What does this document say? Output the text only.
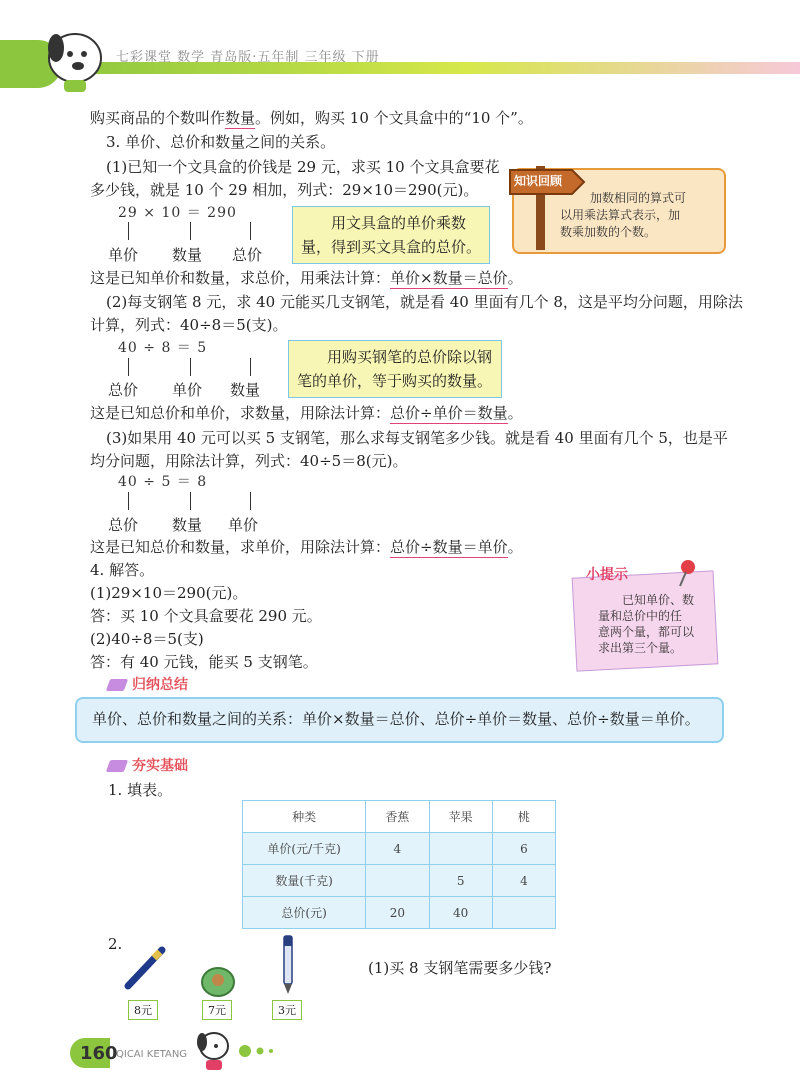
七彩课堂 数学 青岛版·五年制 三年级 下册
购买商品的个数叫作数量。例如，购买 10 个文具盒中的“10 个”。
3. 单价、总价和数量之间的关系。
(1)已知一个文具盒的价钱是 29 元，求买 10 个文具盒要花
多少钱，就是 10 个 29 相加，列式：29×10＝290(元)。
29 × 10 ＝ 290
单价 数量 总价
用文具盒的单价乘数
量，得到买文具盒的总价。
这是已知单价和数量，求总价，用乘法计算：单价×数量＝总价。
知识回顾
加数相同的算式可
以用乘法算式表示，加
数乘加数的个数。
(2)每支钢笔 8 元，求 40 元能买几支钢笔，就是看 40 里面有几个 8，这是平均分问题，用除法
计算，列式：40÷8＝5(支)。
40 ÷ 8 ＝ 5
总价 单价 数量
用购买钢笔的总价除以钢
笔的单价，等于购买的数量。
这是已知总价和单价，求数量，用除法计算：总价÷单价＝数量。
(3)如果用 40 元可以买 5 支钢笔，那么求每支钢笔多少钱。就是看 40 里面有几个 5，也是平
均分问题，用除法计算，列式：40÷5＝8(元)。
40 ÷ 5 ＝ 8
总价 数量 单价
这是已知总价和数量，求单价，用除法计算：总价÷数量＝单价。
4. 解答。
(1)29×10＝290(元)。
答：买 10 个文具盒要花 290 元。
(2)40÷8＝5(支)
答：有 40 元钱，能买 5 支钢笔。
小提示
已知单价、数
量和总价中的任
意两个量，都可以
求出第三个量。
归纳总结
单价、总价和数量之间的关系：单价×数量＝总价、总价÷单价＝数量、总价÷数量＝单价。
夯实基础
1. 填表。
种类	香蕉	苹果	桃
单价(元/千克)	4		6
数量(千克)		5	4
总价(元)	20	40	
2.
8元	7元	3元
(1)买 8 支钢笔需要多少钱?
160
QICAI KETANG
